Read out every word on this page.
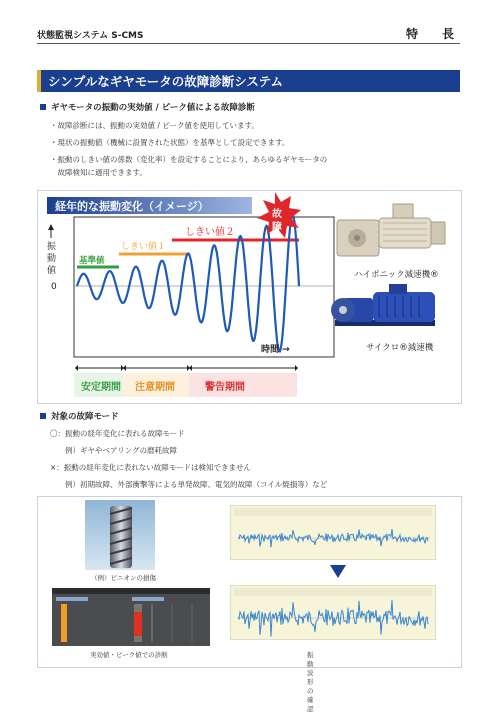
状態監視システム S-CMS	特　長
シンプルなギヤモータの故障診断システム
ギヤモータの振動の実効値 / ピーク値による故障診断
・故障診断には、振動の実効値 / ピーク値を使用しています。
・現状の振動値（機械に設置された状態）を基準として設定できます。
・振動のしきい値の係数（変化率）を設定することにより、あらゆるギヤモータの
　故障検知に適用できます。
経年的な振動変化（イメージ）
振
動
値
0
基準値
しきい値１
しきい値２
故
障
時間 →
安定期間 注意期間	警告期間
ハイポニック減速機®
サイクロ®減速機
対象の故障モード
〇：振動の経年変化に表れる故障モード
　　例）ギヤやベアリングの磨耗故障
×：振動の経年変化に表れない故障モードは検知できません
　　例）初期故障、外部衝撃等による単発故障、電気的故障（コイル焼損等）など
（例）ピニオンの損傷
実効値・ピーク値での診断	振動波形の確認
